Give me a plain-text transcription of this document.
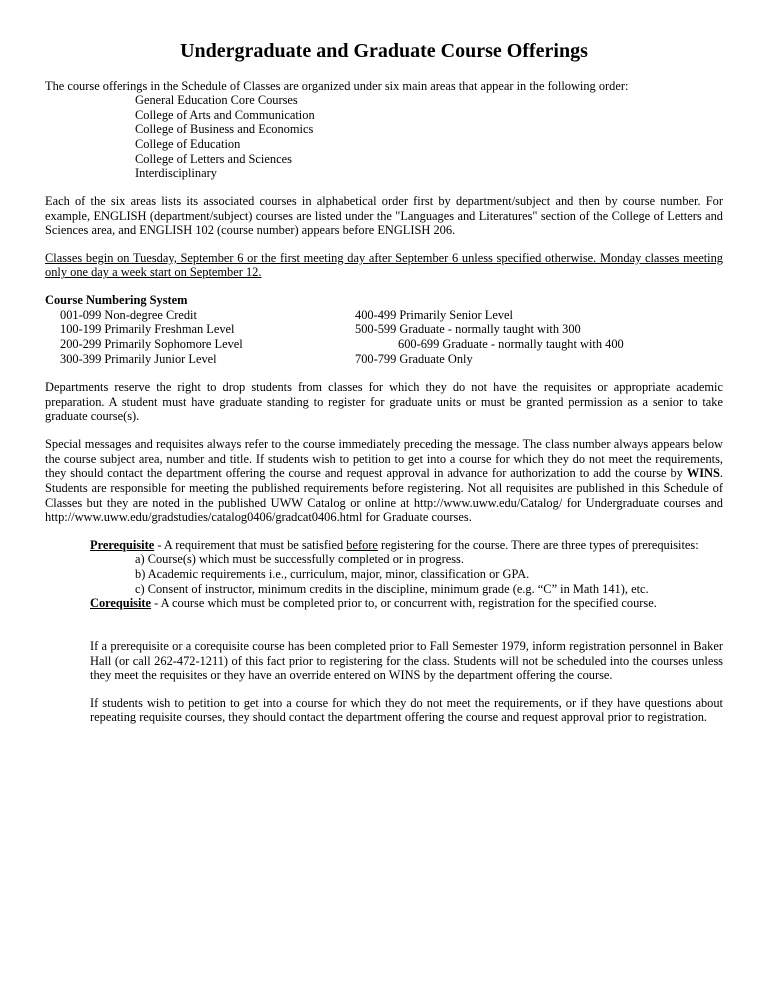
Undergraduate and Graduate Course Offerings
The course offerings in the Schedule of Classes are organized under six main areas that appear in the following order:
General Education Core Courses
College of Arts and Communication
College of Business and Economics
College of Education
College of Letters and Sciences
Interdisciplinary

Each of the six areas lists its associated courses in alphabetical order first by department/subject and then by course number. For example, ENGLISH (department/subject) courses are listed under the "Languages and Literatures" section of the College of Letters and Sciences area, and ENGLISH 102 (course number) appears before ENGLISH 206.

Classes begin on Tuesday, September 6 or the first meeting day after September 6 unless specified otherwise. Monday classes meeting only one day a week start on September 12.

Course Numbering System
001-099 Non-degree Credit
100-199 Primarily Freshman Level
200-299 Primarily Sophomore Level
300-399 Primarily Junior Level
400-499 Primarily Senior Level
500-599 Graduate - normally taught with 300
600-699 Graduate - normally taught with 400
700-799 Graduate Only

Departments reserve the right to drop students from classes for which they do not have the requisites or appropriate academic preparation. A student must have graduate standing to register for graduate units or must be granted permission as a senior to take graduate course(s).

Special messages and requisites always refer to the course immediately preceding the message. The class number always appears below the course subject area, number and title. If students wish to petition to get into a course for which they do not meet the requirements, they should contact the department offering the course and request approval in advance for authorization to add the course by WINS. Students are responsible for meeting the published requirements before registering. Not all requisites are published in this Schedule of Classes but they are noted in the published UWW Catalog or online at http://www.uww.edu/Catalog/ for Undergraduate courses and http://www.uww.edu/gradstudies/catalog0406/gradcat0406.html for Graduate courses.

Prerequisite - A requirement that must be satisfied before registering for the course. There are three types of prerequisites:

a) Course(s) which must be successfully completed or in progress.
b) Academic requirements i.e., curriculum, major, minor, classification or GPA.
c) Consent of instructor, minimum credits in the discipline, minimum grade (e.g. “C” in Math 141), etc.

Corequisite - A course which must be completed prior to, or concurrent with, registration for the specified course.

If a prerequisite or a corequisite course has been completed prior to Fall Semester 1979, inform registration personnel in Baker Hall (or call 262-472-1211) of this fact prior to registering for the class. Students will not be scheduled into the courses unless they meet the requisites or they have an override entered on WINS by the department offering the course.

If students wish to petition to get into a course for which they do not meet the requirements, or if they have questions about repeating requisite courses, they should contact the department offering the course and request approval prior to registration.
